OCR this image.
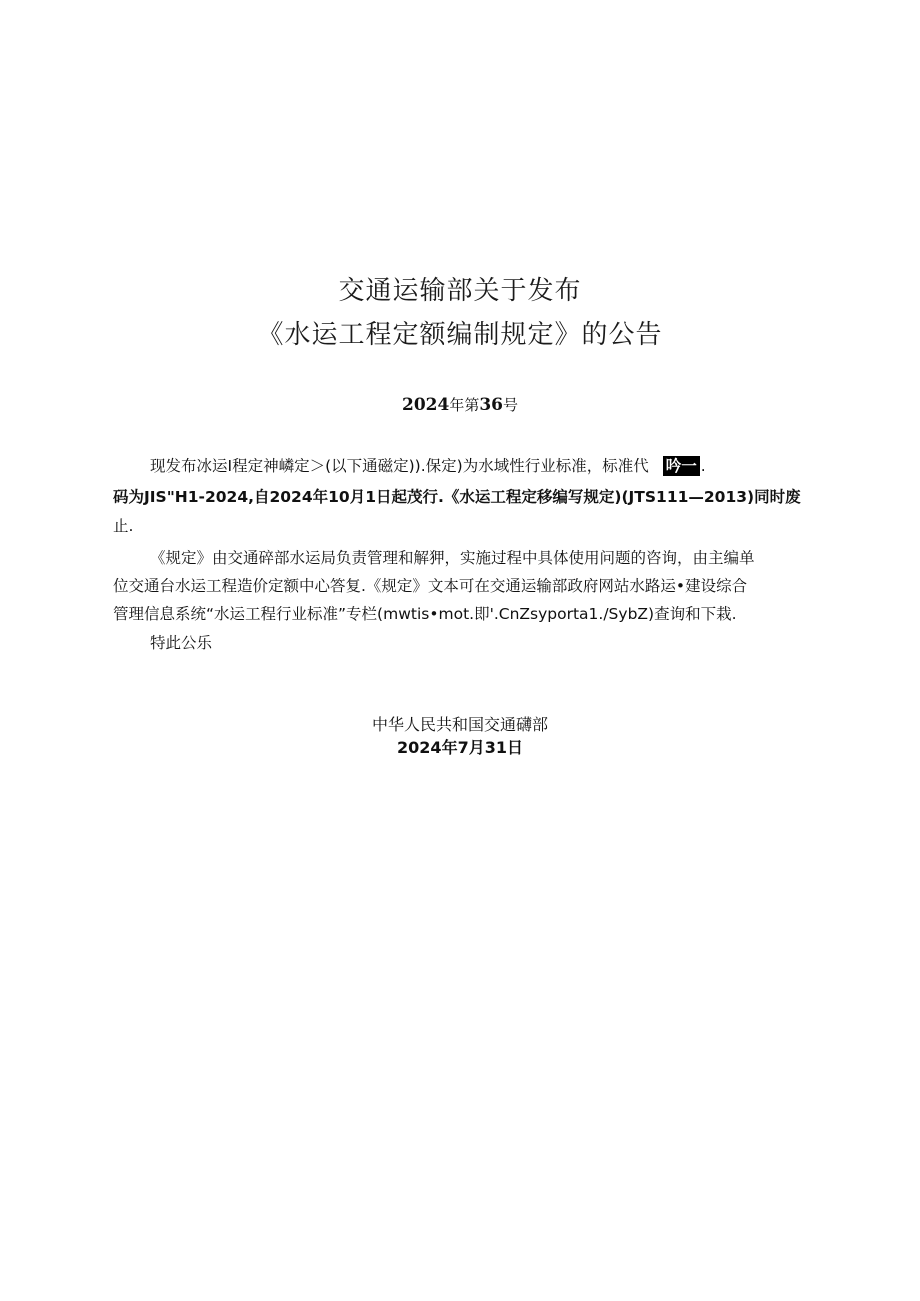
交通运输部关于发布
《水运工程定额编制规定》的公告
2024年第36号
现发布冰运I程定神嶙定＞(以下通磁定)).保定)为水域性行业标准，标准代 吟一 .
码为JIS"H1-2024,自2024年10月1日起茂行.《水运工程定移编写规定)(JTS111—2013)同时废
止.
《规定》由交通碎部水运局负责管理和解狎，实施过程中具体使用问题的咨询，由主编单
位交通台水运工程造价定额中心答复.《规定》文本可在交通运输部政府网站水路运•建设综合
管理信息系统“水运工程行业标准”专栏(mwtis•mot.即'.CnZsyporta1./SybZ)查询和下栽.
特此公乐
中华人民共和国交通礴部
2024年7月31日
